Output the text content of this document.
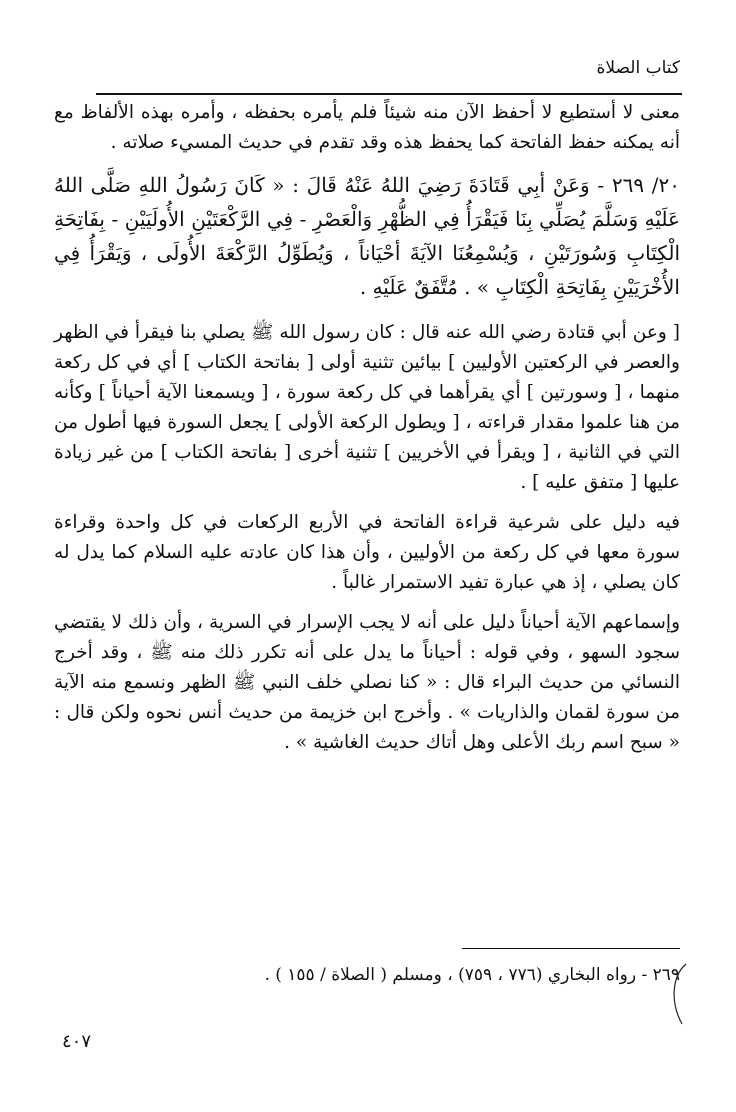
كتاب الصلاة

معنى لا أستطيع لا أحفظ الآن منه شيئاً فلم يأمره بحفظه ، وأمره بهذه الألفاظ مع أنه يمكنه حفظ الفاتحة كما يحفظ هذه وقد تقدم في حديث المسيء صلاته .

٢٠/ ٢٦٩ - وَعَنْ أبِي قَتَادَةَ رَضِيَ اللهُ عَنْهُ قَالَ : « كَانَ رَسُولُ اللهِ صَلَّى اللهُ عَلَيْهِ وَسَلَّمَ يُصَلِّي بِنَا فَيَقْرَأُ فِي الظُّهْرِ وَالْعَصْرِ - فِي الرَّكْعَتَيْنِ الأُولَيَيْنِ - بِفَاتِحَةِ الْكِتَابِ وَسُورَتَيْنِ ، وَيُسْمِعُنَا الآيَةَ أحْيَاناً ، وَيُطَوِّلُ الرَّكْعَةَ الأُولَى ، وَيَقْرَأُ فِي الأُخْرَيَيْنِ بِفَاتِحَةِ الْكِتَابِ » . مُتَّفَقٌ عَلَيْهِ .

[ وعن أبي قتادة رضي الله عنه قال : كان رسول الله ﷺ يصلي بنا فيقرأ في الظهر والعصر في الركعتين الأوليين ] بيائين تثنية أولى [ بفاتحة الكتاب ] أي في كل ركعة منهما ، [ وسورتين ] أي يقرأهما في كل ركعة سورة ، [ ويسمعنا الآية أحياناً ] وكأنه من هنا علموا مقدار قراءته ، [ ويطول الركعة الأولى ] يجعل السورة فيها أطول من التي في الثانية ، [ ويقرأ في الأخريين ] تثنية أخرى [ بفاتحة الكتاب ] من غير زيادة عليها [ متفق عليه ] .

فيه دليل على شرعية قراءة الفاتحة في الأربع الركعات في كل واحدة وقراءة سورة معها في كل ركعة من الأوليين ، وأن هذا كان عادته عليه السلام كما يدل له كان يصلي ، إذ هي عبارة تفيد الاستمرار غالباً .

وإسماعهم الآية أحياناً دليل على أنه لا يجب الإسرار في السرية ، وأن ذلك لا يقتضي سجود السهو ، وفي قوله : أحياناً ما يدل على أنه تكرر ذلك منه ﷺ ، وقد أخرج النسائي من حديث البراء قال : « كنا نصلي خلف النبي ﷺ الظهر ونسمع منه الآية من سورة لقمان والذاريات » . وأخرج ابن خزيمة من حديث أنس نحوه ولكن قال : « سبح اسم ربك الأعلى وهل أتاك حديث الغاشية » .

٢٦٩ - رواه البخاري (٧٧٦ ، ٧٥٩) ، ومسلم ( الصلاة / ١٥٥ ) .
٤٠٧
